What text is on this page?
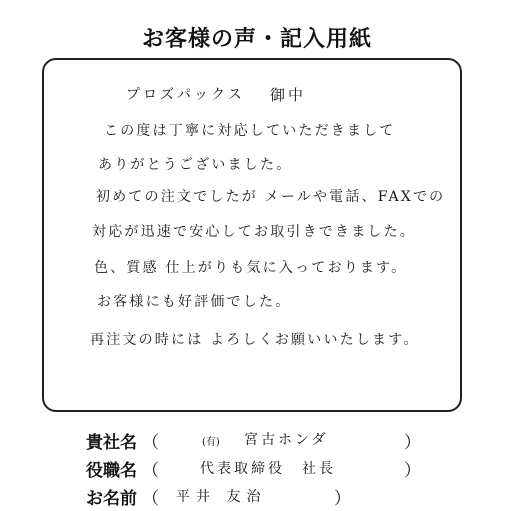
お客様の声・記入用紙
プロズパックス 御中
この度は丁寧に対応していただきまして
ありがとうございました。
初めての注文でしたが メールや電話、FAXでの
対応が迅速で安心してお取引きできました。
色、質感 仕上がりも気に入っております。
お客様にも好評価でした。
再注文の時には よろしくお願いいたします。
貴社名 （	(有) 宮古ホンダ	）
役職名 （	代表取締役　社長	）
お名前 （ 平井 友治	）
